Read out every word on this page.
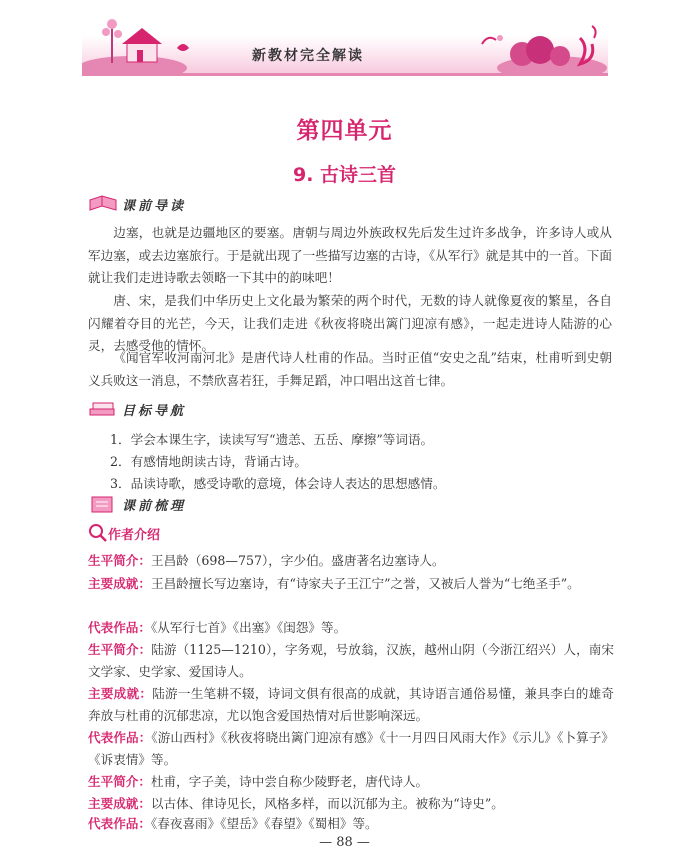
新教材完全解读
第四单元
9. 古诗三首
课前导读
边塞，也就是边疆地区的要塞。唐朝与周边外族政权先后发生过许多战争，许多诗人或从军边塞，或去边塞旅行。于是就出现了一些描写边塞的古诗，《从军行》就是其中的一首。下面就让我们走进诗歌去领略一下其中的韵味吧！
唐、宋，是我们中华历史上文化最为繁荣的两个时代，无数的诗人就像夏夜的繁星，各自闪耀着夺目的光芒，今天，让我们走进《秋夜将晓出篱门迎凉有感》，一起走进诗人陆游的心灵，去感受他的情怀。
《闻官军收河南河北》是唐代诗人杜甫的作品。当时正值“安史之乱”结束，杜甫听到史朝义兵败这一消息，不禁欣喜若狂，手舞足蹈，冲口唱出这首七律。
目标导航
1．学会本课生字，读读写写“遗恙、五岳、摩擦”等词语。
2．有感情地朗读古诗，背诵古诗。
3．品读诗歌，感受诗歌的意境，体会诗人表达的思想感情。
课前梳理
作者介绍
生平简介：王昌龄（698—757），字少伯。盛唐著名边塞诗人。
主要成就：王昌龄擅长写边塞诗，有“诗家夫子王江宁”之誉，又被后人誉为“七绝圣手”。
代表作品：《从军行七首》《出塞》《闺怨》等。
生平简介：陆游（1125—1210），字务观，号放翁，汉族，越州山阴（今浙江绍兴）人，南宋文学家、史学家、爱国诗人。
主要成就：陆游一生笔耕不辍，诗词文俱有很高的成就，其诗语言通俗易懂，兼具李白的雄奇奔放与杜甫的沉郁悲凉，尤以饱含爱国热情对后世影响深远。
代表作品：《游山西村》《秋夜将晓出篱门迎凉有感》《十一月四日风雨大作》《示儿》《卜算子》《诉衷情》等。
生平简介：杜甫，字子美，诗中尝自称少陵野老，唐代诗人。
主要成就：以古体、律诗见长，风格多样，而以沉郁为主。被称为“诗史”。
代表作品：《春夜喜雨》《望岳》《春望》《蜀相》等。
— 88 —
